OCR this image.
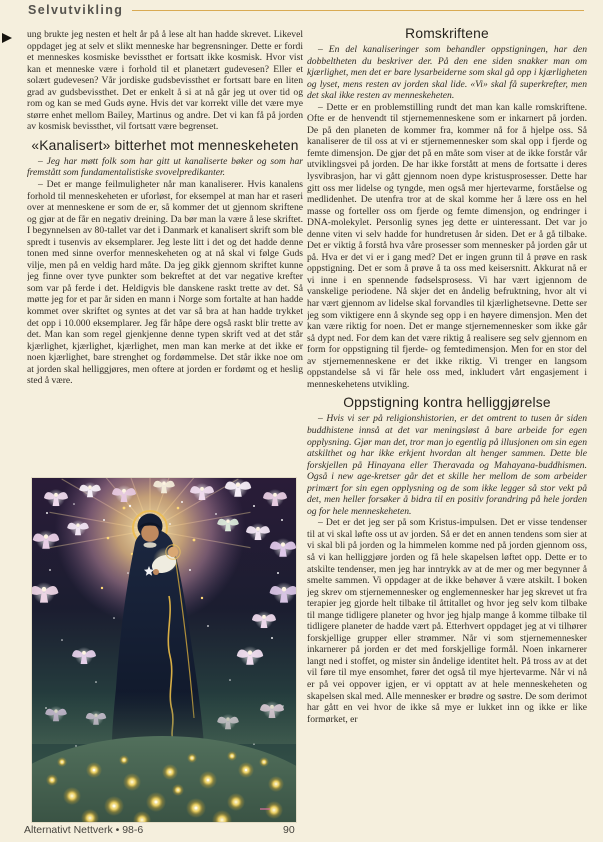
Selvutvikling

ung brukte jeg nesten et helt år på å lese alt han hadde skrevet. Likevel oppdaget jeg at selv et slikt menneske har begrensninger. Dette er fordi et menneskes kosmiske bevissthet er fortsatt ikke kosmisk. Hvor vist kan et menneske være i forhold til et planetært gudevesen? Eller et solært gudevesen? Vår jordiske gudsbevissthet er fortsatt bare en liten grad av gudsbevissthet. Det er enkelt å si at nå går jeg ut over tid og rom og kan se med Guds øyne. Hvis det var korrekt ville det være mye større enhet mellom Bailey, Martinus og andre. Det vi kan få på jorden av kosmisk bevissthet, vil fortsatt være begrenset.

«Kanalisert» bitterhet mot menneskeheten

– Jeg har møtt folk som har gitt ut kanaliserte bøker og som har fremstått som fundamentalistiske svovelpredikanter.

– Det er mange feilmuligheter når man kanaliserer. Hvis kanalens forhold til menneskeheten er uforløst, for eksempel at man har et raseri over at menneskene er som de er, så kommer det ut gjennom skriftene og gjør at de får en negativ dreining. Da bør man la være å lese skriftet. I begynnelsen av 80-tallet var det i Danmark et kanalisert skrift som ble spredt i tusenvis av eksemplarer. Jeg leste litt i det og det hadde denne tonen med sinne overfor menneskeheten og at nå skal vi følge Guds vilje, men på en veldig hard måte. Da jeg gikk gjennom skriftet kunne jeg finne over tyve punkter som bekreftet at det var negative krefter som var på ferde i det. Heldigvis ble danskene raskt trette av det. Så møtte jeg for et par år siden en mann i Norge som fortalte at han hadde kommet over skriftet og syntes at det var så bra at han hadde trykket det opp i 10.000 eksemplarer. Jeg får håpe dere også raskt blir trette av det. Man kan som regel gjenkjenne denne typen skrift ved at det står kjærlighet, kjærlighet, kjærlighet, men man kan merke at det ikke er noen kjærlighet, bare strenghet og fordømmelse. Det står ikke noe om at jorden skal helliggjøres, men oftere at jorden er fordømt og et heslig sted å være.

Romskriftene

– En del kanaliseringer som behandler oppstigningen, har den dobbeltheten du beskriver der. På den ene siden snakker man om kjærlighet, men det er bare lysarbeiderne som skal gå opp i kjærligheten og lyset, mens resten av jorden skal lide. «Vi» skal få superkrefter, men det skal ikke resten av menneskeheten.

– Dette er en problemstilling rundt det man kan kalle romskriftene. Ofte er de henvendt til stjernemenneskene som er inkarnert på jorden. De på den planeten de kommer fra, kommer nå for å hjelpe oss. Så kanaliserer de til oss at vi er stjernemennesker som skal opp i fjerde og femte dimensjon. De gjør det på en måte som viser at de ikke forstår vår utviklingsvei på jorden. De har ikke forstått at mens de fortsatte i deres lysvibrasjon, har vi gått gjennom noen dype kristusprosesser. Dette har gitt oss mer lidelse og tyngde, men også mer hjertevarme, forståelse og medlidenhet. De utenfra tror at de skal komme her å lære oss en hel masse og forteller oss om fjerde og femte dimensjon, og endringer i DNA-molekylet. Personlig synes jeg dette er uinteressant. Det var jo denne viten vi selv hadde for hundretusen år siden. Det er å gå tilbake. Det er viktig å forstå hva våre prosesser som mennesker på jorden går ut på. Hva er det vi er i gang med? Det er ingen grunn til å prøve en rask oppstigning. Det er som å prøve å ta oss med keisersnitt. Akkurat nå er vi inne i en spennende fødselsprosess. Vi har vært igjennom de vanskelige periodene. Nå skjer det en åndelig befruktning, hvor alt vi har vært gjennom av lidelse skal forvandles til kjærlighetsevne. Dette ser jeg som viktigere enn å skynde seg opp i en høyere dimensjon. Men det kan være riktig for noen. Det er mange stjernemennesker som ikke går så dypt ned. For dem kan det være riktig å realisere seg selv gjennom en form for oppstigning til fjerde- og femtedimensjon. Men for en stor del av stjernemenneskene er det ikke riktig. Vi trenger en langsom oppstandelse så vi får hele oss med, inkludert vårt engasjement i menneskehetens utvikling.

Oppstigning kontra helliggjørelse

– Hvis vi ser på religionshistorien, er det omtrent to tusen år siden buddhistene innså at det var meningsløst å bare arbeide for egen opplysning. Gjør man det, tror man jo egentlig på illusjonen om sin egen atskilthet og har ikke erkjent hvordan alt henger sammen. Dette ble forskjellen på Hinayana eller Theravada og Mahayana-buddhismen. Også i new age-kretser går det et skille her mellom de som arbeider primært for sin egen opplysning og de som ikke legger så stor vekt på det, men heller forsøker å bidra til en positiv forandring på hele jorden og for hele menneskeheten.

– Det er det jeg ser på som Kristus-impulsen. Det er visse tendenser til at vi skal løfte oss ut av jorden. Så er det en annen tendens som sier at vi skal bli på jorden og la himmelen komme ned på jorden gjennom oss, så vi kan helliggjøre jorden og få hele skapelsen løftet opp. Dette er to atskilte tendenser, men jeg har inntrykk av at de mer og mer begynner å smelte sammen. Vi oppdager at de ikke behøver å være atskilt. I boken jeg skrev om stjernemennesker og englemennesker har jeg skrevet ut fra terapier jeg gjorde helt tilbake til åttitallet og hvor jeg selv kom tilbake til mange tidligere planeter og hvor jeg hjalp mange å komme tilbake til tidligere planeter de hadde vært på. Etterhvert oppdaget jeg at vi tilhører forskjellige grupper eller strømmer. Når vi som stjernemennesker inkarnerer på jorden er det med forskjellige formål. Noen inkarnerer langt ned i stoffet, og mister sin åndelige identitet helt. På tross av at det vil føre til mye ensomhet, fører det også til mye hjertevarme. Når vi nå er på vei oppover igjen, er vi opptatt av at hele menneskeheten og skapelsen skal med. Alle mennesker er brødre og søstre. De som derimot har gått en vei hvor de ikke så mye er lukket inn og ikke er like formørket, er

Alternativt Nettverk • 98-6	90
